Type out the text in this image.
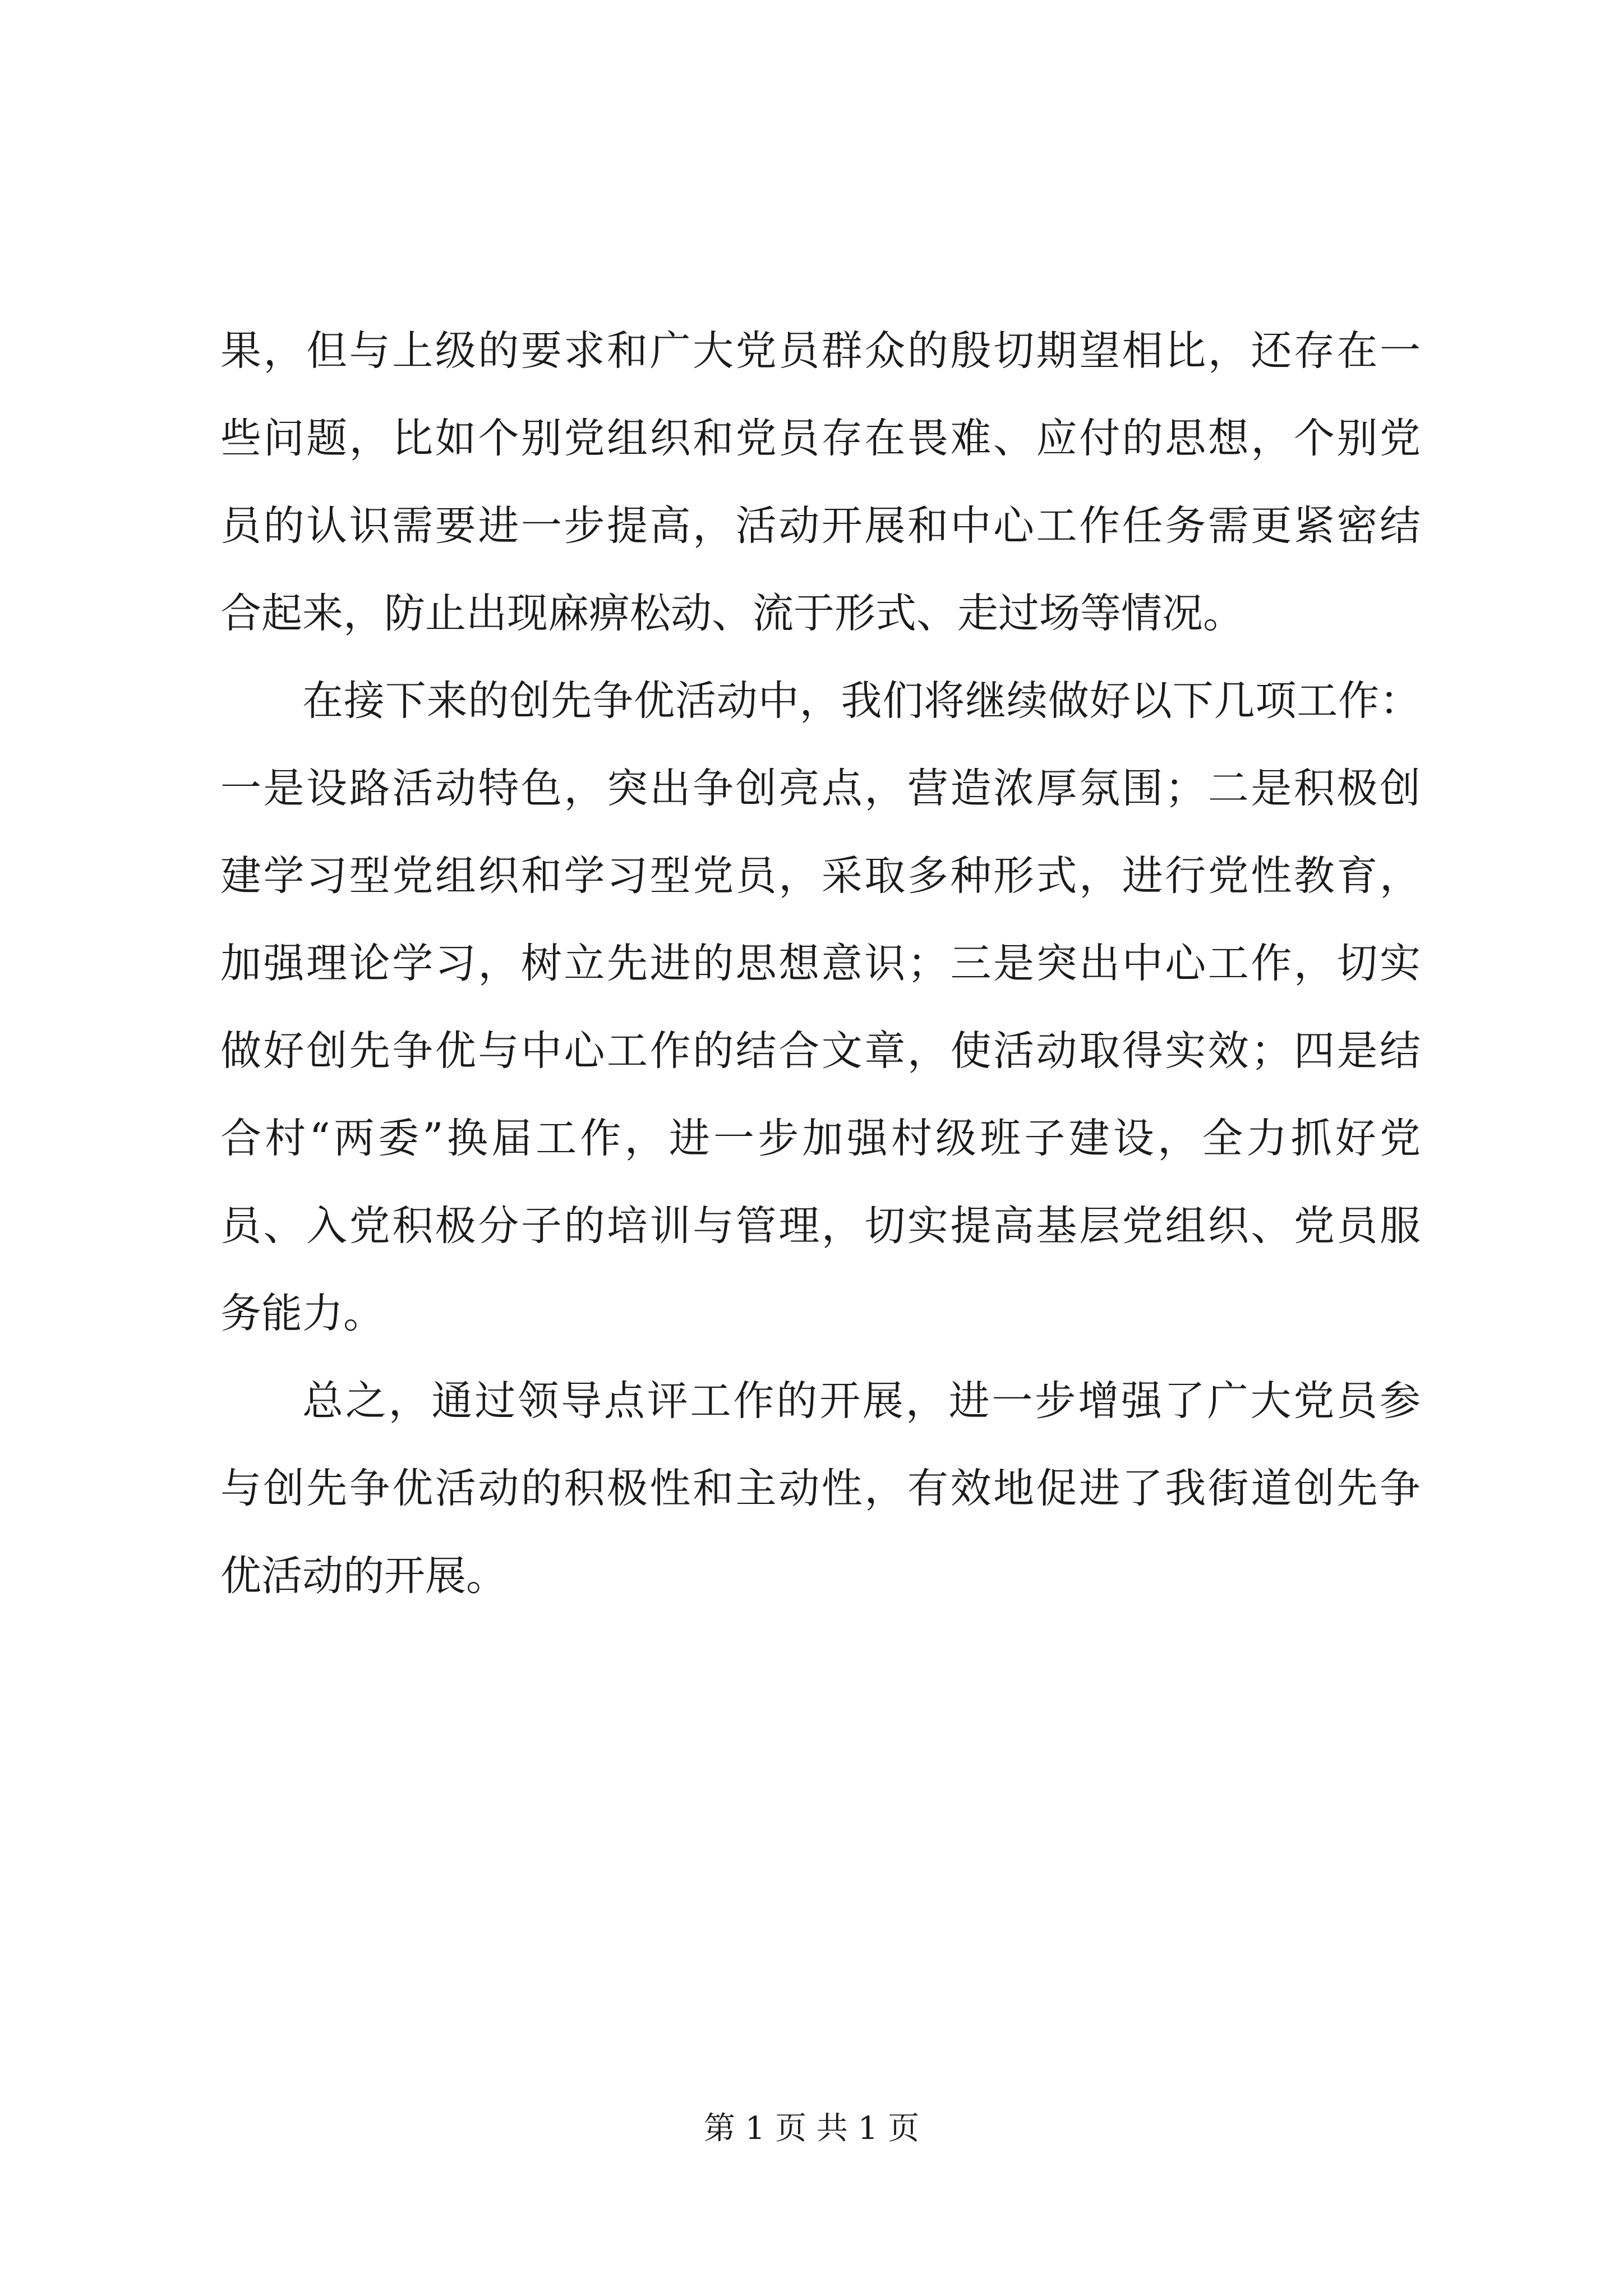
果，但与上级的要求和广大党员群众的殷切期望相比，还存在一
些问题，比如个别党组织和党员存在畏难、应付的思想，个别党
员的认识需要进一步提高，活动开展和中心工作任务需更紧密结
合起来，防止出现麻痹松动、流于形式、走过场等情况。
在接下来的创先争优活动中，我们将继续做好以下几项工作：
一是设路活动特色，突出争创亮点，营造浓厚氛围；二是积极创
建学习型党组织和学习型党员，采取多种形式，进行党性教育，
加强理论学习，树立先进的思想意识；三是突出中心工作，切实
做好创先争优与中心工作的结合文章，使活动取得实效；四是结
合村“两委”换届工作，进一步加强村级班子建设，全力抓好党
员、入党积极分子的培训与管理，切实提高基层党组织、党员服
务能力。
总之，通过领导点评工作的开展，进一步增强了广大党员参
与创先争优活动的积极性和主动性，有效地促进了我街道创先争
优活动的开展。
第 1 页 共 1 页
